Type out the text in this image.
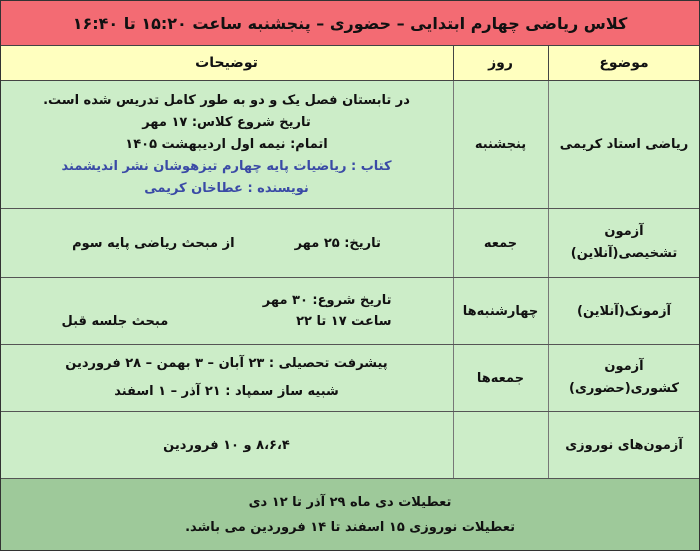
کلاس ریاضی چهارم ابتدایی – حضوری – پنجشنبه ساعت ۱۵:۲۰ تا ۱۶:۴۰
موضوع
روز
توضیحات
ریاضی استاد کریمی
پنجشنبه
در تابستان فصل یک و دو به طور کامل تدریس شده است.
تاریخ شروع کلاس: ۱۷ مهر
اتمام: نیمه اول اردیبهشت ۱۴۰۵
کتاب : ریاضیات پایه چهارم تیزهوشان نشر اندیشمند
نویسنده : عطاخان کریمی
آزمون
تشخیصی(آنلاین)
جمعه
تاریخ: ۲۵ مهر
از مبحث ریاضی پایه سوم
آزمونک(آنلاین)
چهارشنبه‌ها
تاریخ شروع: ۳۰ مهر
ساعت ۱۷ تا ۲۲
مبحث جلسه قبل
آزمون
کشوری(حضوری)
جمعه‌ها
پیشرفت تحصیلی : ۲۳ آبان – ۳ بهمن – ۲۸ فروردین
شبیه ساز سمپاد : ۲۱ آذر – ۱ اسفند
آزمون‌های نوروزی
۸،۶،۴ و ۱۰ فروردین
تعطیلات دی ماه ۲۹ آذر تا ۱۲ دی
تعطیلات نوروزی ۱۵ اسفند تا ۱۴ فروردین می باشد.
